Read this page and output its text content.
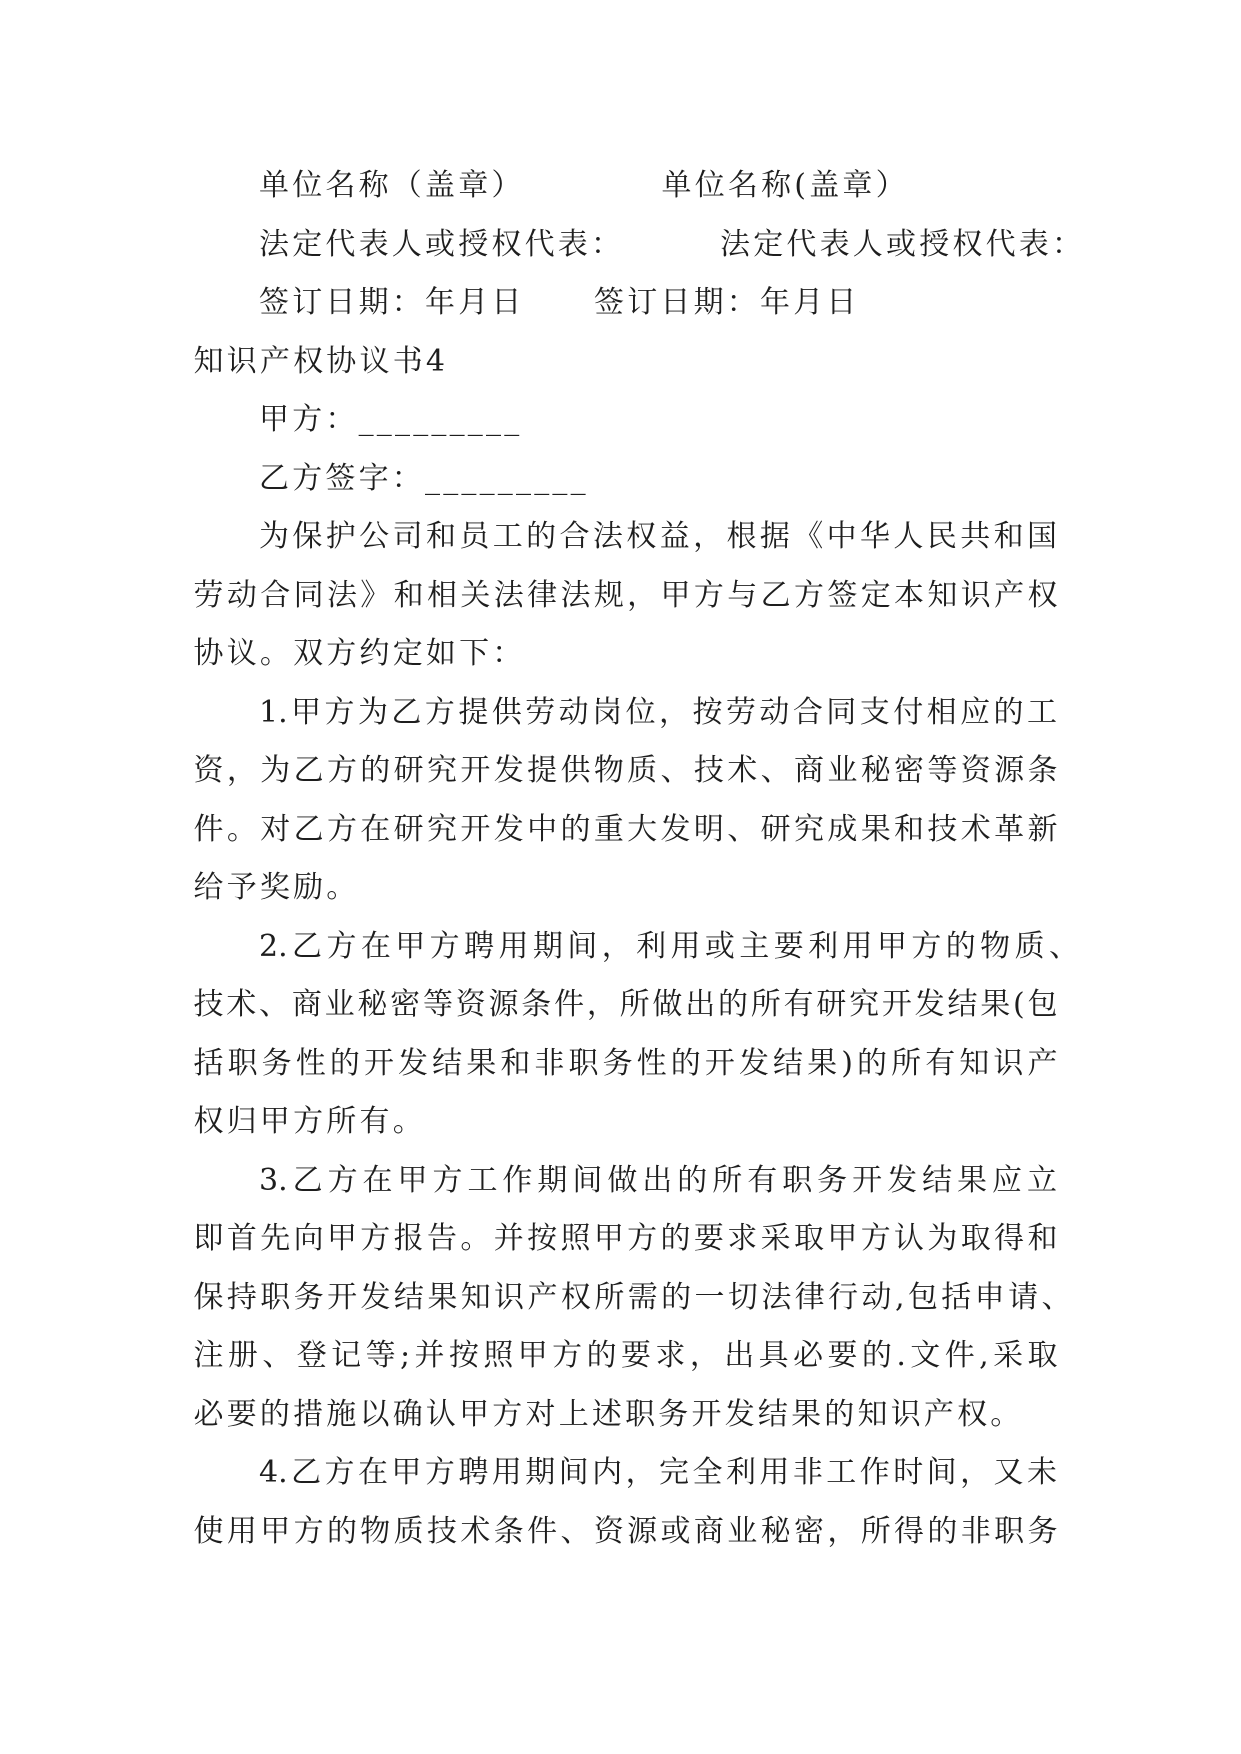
单位名称（盖章）	单位名称(盖章）
法定代表人或授权代表：	法定代表人或授权代表：
签订日期：年月日 签订日期：年月日
知识产权协议书4
甲方：_________
乙方签字：_________
为保护公司和员工的合法权益，根据《中华人民共和国
劳动合同法》和相关法律法规，甲方与乙方签定本知识产权
协议。双方约定如下：
1.甲方为乙方提供劳动岗位，按劳动合同支付相应的工
资，为乙方的研究开发提供物质、技术、商业秘密等资源条
件。对乙方在研究开发中的重大发明、研究成果和技术革新
给予奖励。
2.乙方在甲方聘用期间，利用或主要利用甲方的物质、
技术、商业秘密等资源条件，所做出的所有研究开发结果(包
括职务性的开发结果和非职务性的开发结果)的所有知识产
权归甲方所有。
3.乙方在甲方工作期间做出的所有职务开发结果应立
即首先向甲方报告。并按照甲方的要求采取甲方认为取得和
保持职务开发结果知识产权所需的一切法律行动,包括申请、
注册、登记等;并按照甲方的要求，出具必要的.文件,采取
必要的措施以确认甲方对上述职务开发结果的知识产权。
4.乙方在甲方聘用期间内，完全利用非工作时间，又未
使用甲方的物质技术条件、资源或商业秘密，所得的非职务
